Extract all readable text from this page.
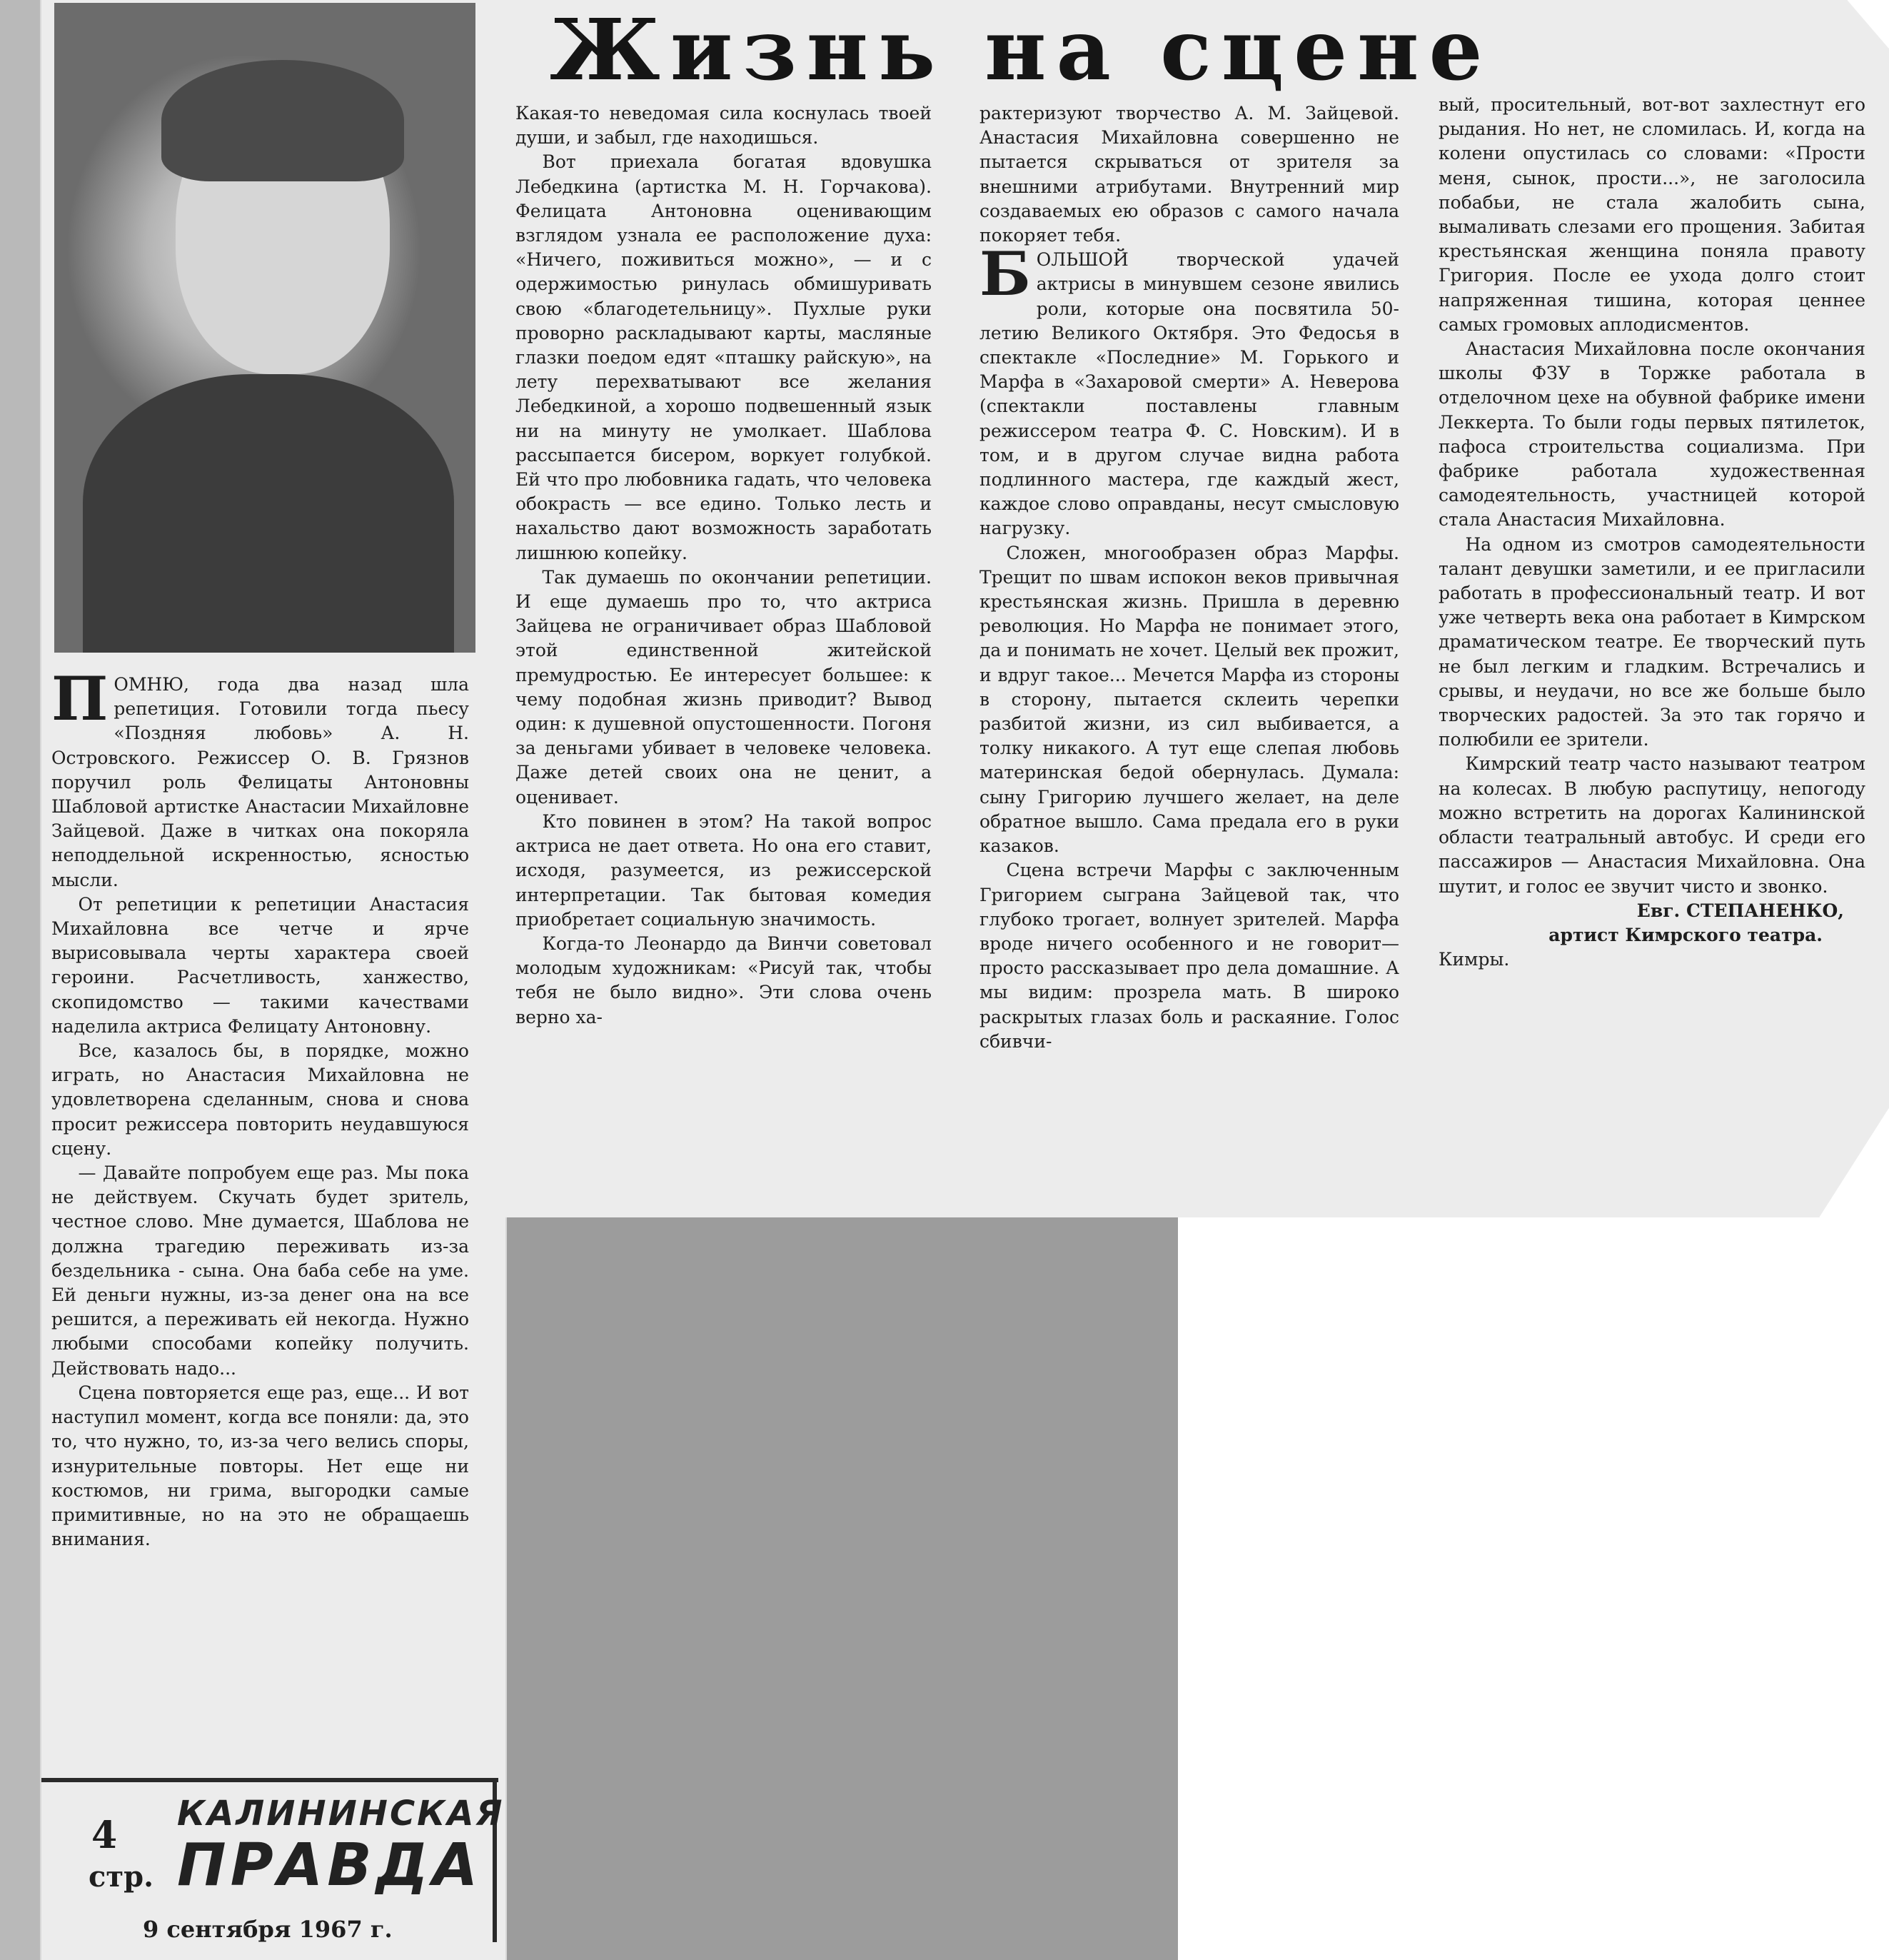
Жизнь на сцене

ПОМНЮ, года два назад шла репетиция. Готовили тогда пьесу «Поздняя любовь» А. Н. Островского. Режиссер О. В. Грязнов поручил роль Фелицаты Антоновны Шабловой артистке Анастасии Михайловне Зайцевой. Даже в читках она покоряла неподдельной искренностью, ясностью мысли.

От репетиции к репетиции Анастасия Михайловна все четче и ярче вырисовывала черты характера своей героини. Расчетливость, ханжество, скопидомство — такими качествами наделила актриса Фелицату Антоновну.

Все, казалось бы, в порядке, можно играть, но Анастасия Михайловна не удовлетворена сделанным, снова и снова просит режиссера повторить неудавшуюся сцену.

— Давайте попробуем еще раз. Мы пока не действуем. Скучать будет зритель, честное слово. Мне думается, Шаблова не должна трагедию переживать из-за бездельника - сына. Она баба себе на уме. Ей деньги нужны, из-за денег она на все решится, а переживать ей некогда. Нужно любыми способами копейку получить. Действовать надо...

Сцена повторяется еще раз, еще... И вот наступил момент, когда все поняли: да, это то, что нужно, то, из-за чего велись споры, изнурительные повторы. Нет еще ни костюмов, ни грима, выгородки самые примитивные, но на это не обращаешь внимания.

Какая-то неведомая сила коснулась твоей души, и забыл, где находишься.

Вот приехала богатая вдовушка Лебедкина (артистка М. Н. Горчакова). Фелицата Антоновна оценивающим взглядом узнала ее расположение духа: «Ничего, поживиться можно», — и с одержимостью ринулась обмишуривать свою «благодетельницу». Пухлые руки проворно раскладывают карты, масляные глазки поедом едят «пташку райскую», на лету перехватывают все желания Лебедкиной, а хорошо подвешенный язык ни на минуту не умолкает. Шаблова рассыпается бисером, воркует голубкой. Ей что про любовника гадать, что человека обокрасть — все едино. Только лесть и нахальство дают возможность заработать лишнюю копейку.

Так думаешь по окончании репетиции. И еще думаешь про то, что актриса Зайцева не ограничивает образ Шабловой этой единственной житейской премудростью. Ее интересует большее: к чему подобная жизнь приводит? Вывод один: к душевной опустошенности. Погоня за деньгами убивает в человеке человека. Даже детей своих она не ценит, а оценивает.

Кто повинен в этом? На такой вопрос актриса не дает ответа. Но она его ставит, исходя, разумеется, из режиссерской интерпретации. Так бытовая комедия приобретает социальную значимость.

Когда-то Леонардо да Винчи советовал молодым художникам: «Рисуй так, чтобы тебя не было видно». Эти слова очень верно ха-

рактеризуют творчество А. М. Зайцевой. Анастасия Михайловна совершенно не пытается скрываться от зрителя за внешними атрибутами. Внутренний мир создаваемых ею образов с самого начала покоряет тебя.

БОЛЬШОЙ творческой удачей актрисы в минувшем сезоне явились роли, которые она посвятила 50-летию Великого Октября. Это Федосья в спектакле «Последние» М. Горького и Марфа в «Захаровой смерти» А. Неверова (спектакли поставлены главным режиссером театра Ф. С. Новским). И в том, и в другом случае видна работа подлинного мастера, где каждый жест, каждое слово оправданы, несут смысловую нагрузку.

Сложен, многообразен образ Марфы. Трещит по швам испокон веков привычная крестьянская жизнь. Пришла в деревню революция. Но Марфа не понимает этого, да и понимать не хочет. Целый век прожит, и вдруг такое... Мечется Марфа из стороны в сторону, пытается склеить черепки разбитой жизни, из сил выбивается, а толку никакого. А тут еще слепая любовь материнская бедой обернулась. Думала: сыну Григорию лучшего желает, на деле обратное вышло. Сама предала его в руки казаков.

Сцена встречи Марфы с заключенным Григорием сыграна Зайцевой так, что глубоко трогает, волнует зрителей. Марфа вроде ничего особенного и не говорит—просто рассказывает про дела домашние. А мы видим: прозрела мать. В широко раскрытых глазах боль и раскаяние. Голос сбивчи-

вый, просительный, вот-вот захлестнут его рыдания. Но нет, не сломилась. И, когда на колени опустилась со словами: «Прости меня, сынок, прости...», не заголосила побабьи, не стала жалобить сына, вымаливать слезами его прощения. Забитая крестьянская женщина поняла правоту Григория. После ее ухода долго стоит напряженная тишина, которая ценнее самых громовых аплодисментов.

Анастасия Михайловна после окончания школы ФЗУ в Торжке работала в отделочном цехе на обувной фабрике имени Леккерта. То были годы первых пятилеток, пафоса строительства социализма. При фабрике работала художественная самодеятельность, участницей которой стала Анастасия Михайловна.

На одном из смотров самодеятельности талант девушки заметили, и ее пригласили работать в профессиональный театр. И вот уже четверть века она работает в Кимрском драматическом театре. Ее творческий путь не был легким и гладким. Встречались и срывы, и неудачи, но все же больше было творческих радостей. За это так горячо и полюбили ее зрители.

Кимрский театр часто называют театром на колесах. В любую распутицу, непогоду можно встретить на дорогах Калининской области театральный автобус. И среди его пассажиров — Анастасия Михайловна. Она шутит, и голос ее звучит чисто и звонко.

Евг. СТЕПАНЕНКО,

артист Кимрского театра.

Кимры.

4
стр.
КАЛИНИНСКАЯ
ПРАВДА
9 сентября 1967 г.
